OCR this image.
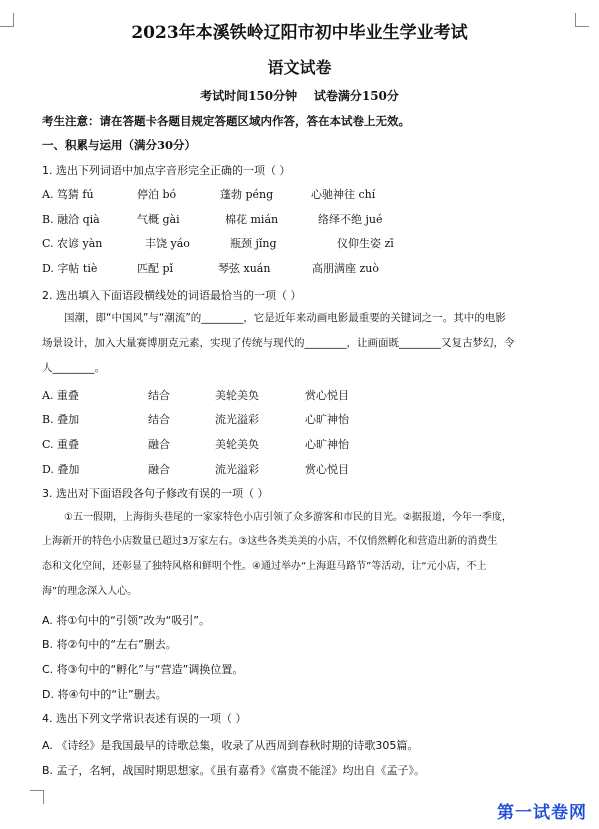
2023年本溪铁岭辽阳市初中毕业生学业考试
语文试卷
考试时间150分钟    试卷满分150分
考生注意：请在答题卡各题目规定答题区域内作答，答在本试卷上无效。
一、积累与运用（满分30分）
1. 选出下列词语中加点字音形完全正确的一项（ ）
A. 笃猜 fú	停泊 bó	蓬勃 péng	心驰神往 chí
B. 融洽 qià	气概 gài	棉花 mián	络绎不绝 jué
C. 农谚 yàn	丰饶 yáo	瓶颈 jǐng	仪仰生姿 zī
D. 字帖 tiè	匹配 pǐ	琴弦 xuán	高朋满座 zuò
2. 选出填入下面语段横线处的词语最恰当的一项（ ）
国潮，即“中国风”与“潮流”的________，它是近年来动画电影最重要的关键词之一。其中的电影
场景设计，加入大量赛博朋克元素，实现了传统与现代的________，让画面既________又复古梦幻，令
人________。
A. 重叠	结合	美轮美奂	赏心悦目
B. 叠加	结合	流光溢彩	心旷神怡
C. 重叠	融合	美轮美奂	心旷神怡
D. 叠加	融合	流光溢彩	赏心悦目
3. 选出对下面语段各句子修改有误的一项（ ）
①五一假期，上海街头巷尾的一家家特色小店引领了众多游客和市民的目光。②据报道，今年一季度，
上海新开的特色小店数量已超过3万家左右。③这些各类美美的小店，不仅悄然孵化和营造出新的消费生
态和文化空间，还彰显了独特风格和鲜明个性。④通过举办“上海逛马路节”等活动，让“元小店，不上
海”的理念深入人心。
A. 将①句中的“引领”改为“吸引”。
B. 将②句中的“左右”删去。
C. 将③句中的“孵化”与“营造”调换位置。
D. 将④句中的“让”删去。
4. 选出下列文学常识表述有误的一项（ ）
A. 《诗经》是我国最早的诗歌总集，收录了从西周到春秋时期的诗歌305篇。
B. 孟子，名轲，战国时期思想家。《虽有嘉肴》《富贵不能淫》均出自《孟子》。
第一试卷网
